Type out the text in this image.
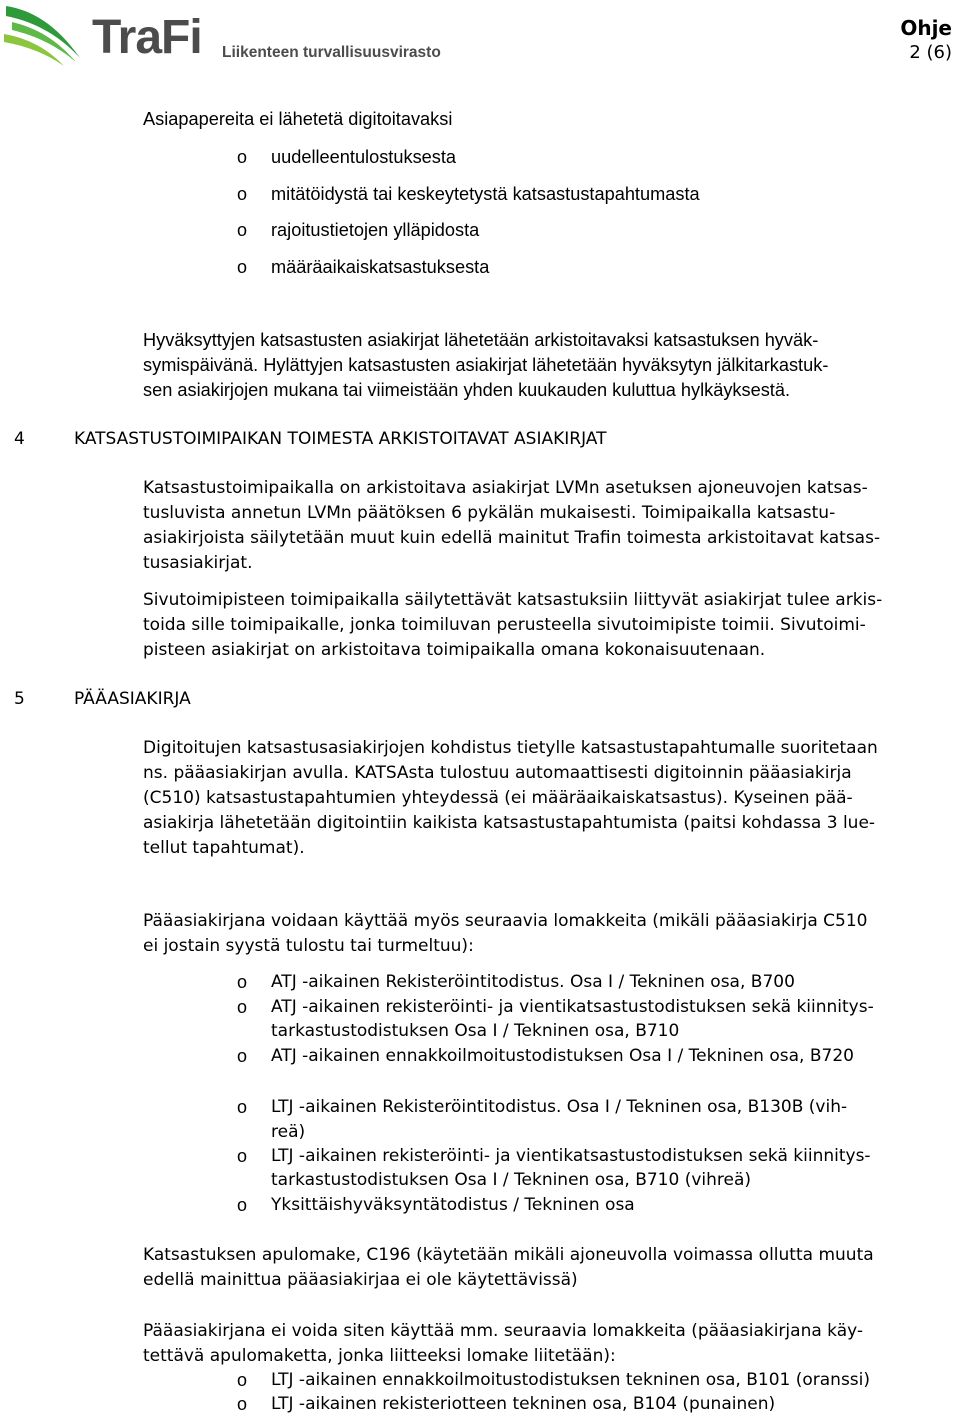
TraFi Liikenteen turvallisuusvirasto
Ohje
2 (6)
Asiapapereita ei lähetetä digitoitavaksi
o uudelleentulostuksesta
o mitätöidystä tai keskeytetystä katsastustapahtumasta
o rajoitustietojen ylläpidosta
o määräaikaiskatsastuksesta
Hyväksyttyjen katsastusten asiakirjat lähetetään arkistoitavaksi katsastuksen hyväk-
symispäivänä. Hylättyjen katsastusten asiakirjat lähetetään hyväksytyn jälkitarkastuk-
sen asiakirjojen mukana tai viimeistään yhden kuukauden kuluttua hylkäyksestä.
4	KATSASTUSTOIMIPAIKAN TOIMESTA ARKISTOITAVAT ASIAKIRJAT
Katsastustoimipaikalla on arkistoitava asiakirjat LVMn asetuksen ajoneuvojen katsas-
tusluvista annetun LVMn päätöksen 6 pykälän mukaisesti. Toimipaikalla katsastu-
asiakirjoista säilytetään muut kuin edellä mainitut Trafin toimesta arkistoitavat katsas-
tusasiakirjat.
Sivutoimipisteen toimipaikalla säilytettävät katsastuksiin liittyvät asiakirjat tulee arkis-
toida sille toimipaikalle, jonka toimiluvan perusteella sivutoimipiste toimii. Sivutoimi-
pisteen asiakirjat on arkistoitava toimipaikalla omana kokonaisuutenaan.
5	PÄÄASIAKIRJA
Digitoitujen katsastusasiakirjojen kohdistus tietylle katsastustapahtumalle suoritetaan
ns. pääasiakirjan avulla. KATSAsta tulostuu automaattisesti digitoinnin pääasiakirja
(C510) katsastustapahtumien yhteydessä (ei määräaikaiskatsastus). Kyseinen pää-
asiakirja lähetetään digitointiin kaikista katsastustapahtumista (paitsi kohdassa 3 lue-
tellut tapahtumat).
Pääasiakirjana voidaan käyttää myös seuraavia lomakkeita (mikäli pääasiakirja C510
ei jostain syystä tulostu tai turmeltuu):
o ATJ -aikainen Rekisteröintitodistus. Osa I / Tekninen osa, B700
o ATJ -aikainen rekisteröinti- ja vientikatsastustodistuksen sekä kiinnitys-
tarkastustodistuksen Osa I / Tekninen osa, B710
o ATJ -aikainen ennakkoilmoitustodistuksen Osa I / Tekninen osa, B720
o LTJ -aikainen Rekisteröintitodistus. Osa I / Tekninen osa, B130B (vih-
reä)
o LTJ -aikainen rekisteröinti- ja vientikatsastustodistuksen sekä kiinnitys-
tarkastustodistuksen Osa I / Tekninen osa, B710 (vihreä)
o Yksittäishyväksyntätodistus / Tekninen osa
Katsastuksen apulomake, C196 (käytetään mikäli ajoneuvolla voimassa ollutta muuta
edellä mainittua pääasiakirjaa ei ole käytettävissä)
Pääasiakirjana ei voida siten käyttää mm. seuraavia lomakkeita (pääasiakirjana käy-
tettävä apulomaketta, jonka liitteeksi lomake liitetään):
o LTJ -aikainen ennakkoilmoitustodistuksen tekninen osa, B101 (oranssi)
o LTJ -aikainen rekisteriotteen tekninen osa, B104 (punainen)
